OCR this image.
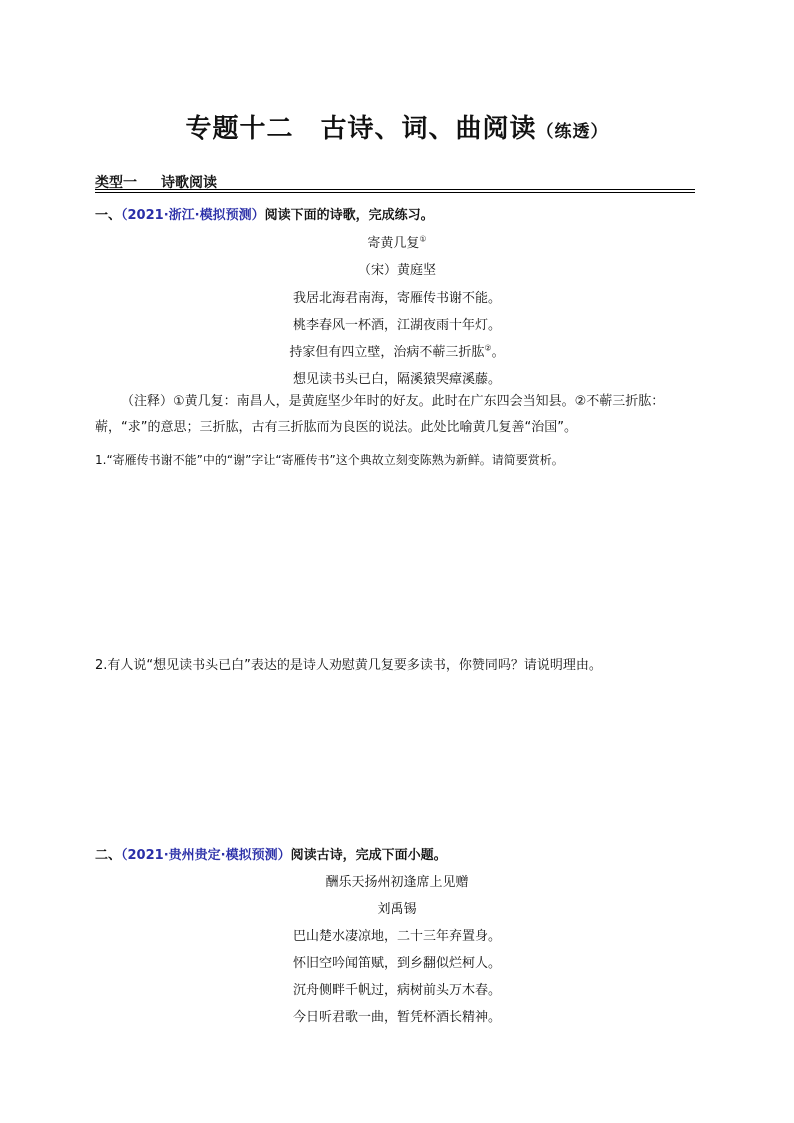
专题十二　古诗、词、曲阅读（练透）
类型一 诗歌阅读
一、（2021·浙江·模拟预测）阅读下面的诗歌，完成练习。
寄黄几复①
（宋）黄庭坚
我居北海君南海，寄雁传书谢不能。
桃李春风一杯酒，江湖夜雨十年灯。
持家但有四立壁，治病不蕲三折肱②。
想见读书头已白，隔溪猿哭瘴溪藤。

（注释）①黄几复：南昌人，是黄庭坚少年时的好友。此时在广东四会当知县。②不蕲三折肱：

蕲，“求”的意思；三折肱，古有三折肱而为良医的说法。此处比喻黄几复善“治国”。

1.“寄雁传书谢不能”中的“谢”字让“寄雁传书”这个典故立刻变陈熟为新鲜。请简要赏析。
2.有人说“想见读书头已白”表达的是诗人劝慰黄几复要多读书，你赞同吗？请说明理由。
二、（2021·贵州贵定·模拟预测）阅读古诗，完成下面小题。
酬乐天扬州初逢席上见赠
刘禹锡
巴山楚水凄凉地，二十三年弃置身。
怀旧空吟闻笛赋，到乡翻似烂柯人。
沉舟侧畔千帆过，病树前头万木春。
今日听君歌一曲，暂凭杯酒长精神。
